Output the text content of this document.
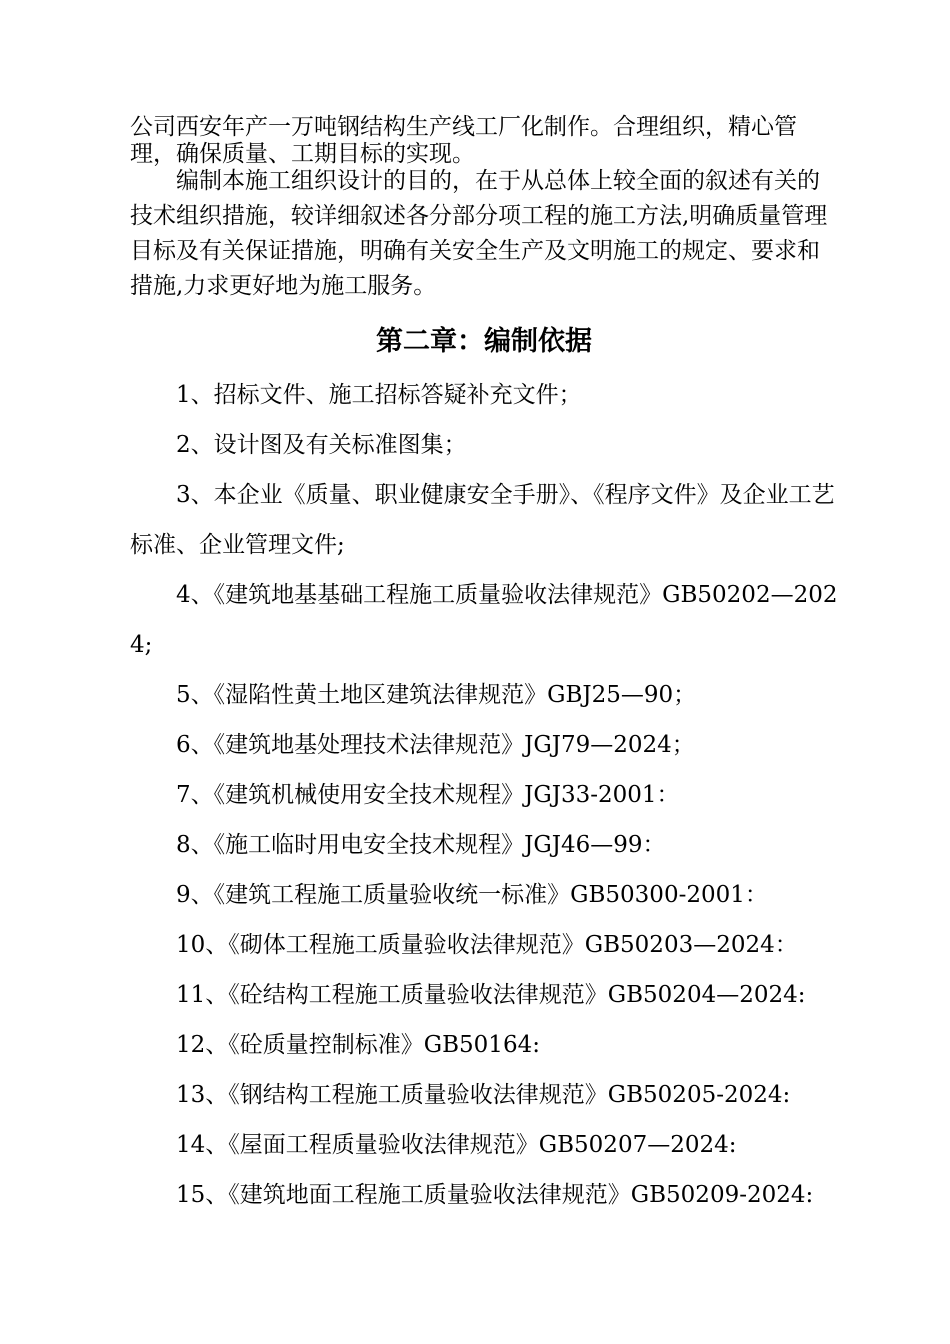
公司西安年产一万吨钢结构生产线工厂化制作。合理组织，精心管理，确保质量、工期目标的实现。

编制本施工组织设计的目的，在于从总体上较全面的叙述有关的技术组织措施，较详细叙述各分部分项工程的施工方法,明确质量管理目标及有关保证措施，明确有关安全生产及文明施工的规定、要求和措施,力求更好地为施工服务。

第二章：编制依据
1、招标文件、施工招标答疑补充文件；
2、设计图及有关标准图集；
3、本企业《质量、职业健康安全手册》、《程序文件》及企业工艺标准、企业管理文件;
4、《建筑地基基础工程施工质量验收法律规范》GB50202—2024;
5、《湿陷性黄土地区建筑法律规范》GBJ25—90；
6、《建筑地基处理技术法律规范》JGJ79—2024；
7、《建筑机械使用安全技术规程》JGJ33-2001：
8、《施工临时用电安全技术规程》JGJ46—99：
9、《建筑工程施工质量验收统一标准》GB50300-2001：
10、《砌体工程施工质量验收法律规范》GB50203—2024：
11、《砼结构工程施工质量验收法律规范》GB50204—2024:
12、《砼质量控制标准》GB50164:
13、《钢结构工程施工质量验收法律规范》GB50205-2024:
14、《屋面工程质量验收法律规范》GB50207—2024:
15、《建筑地面工程施工质量验收法律规范》GB50209-2024:
